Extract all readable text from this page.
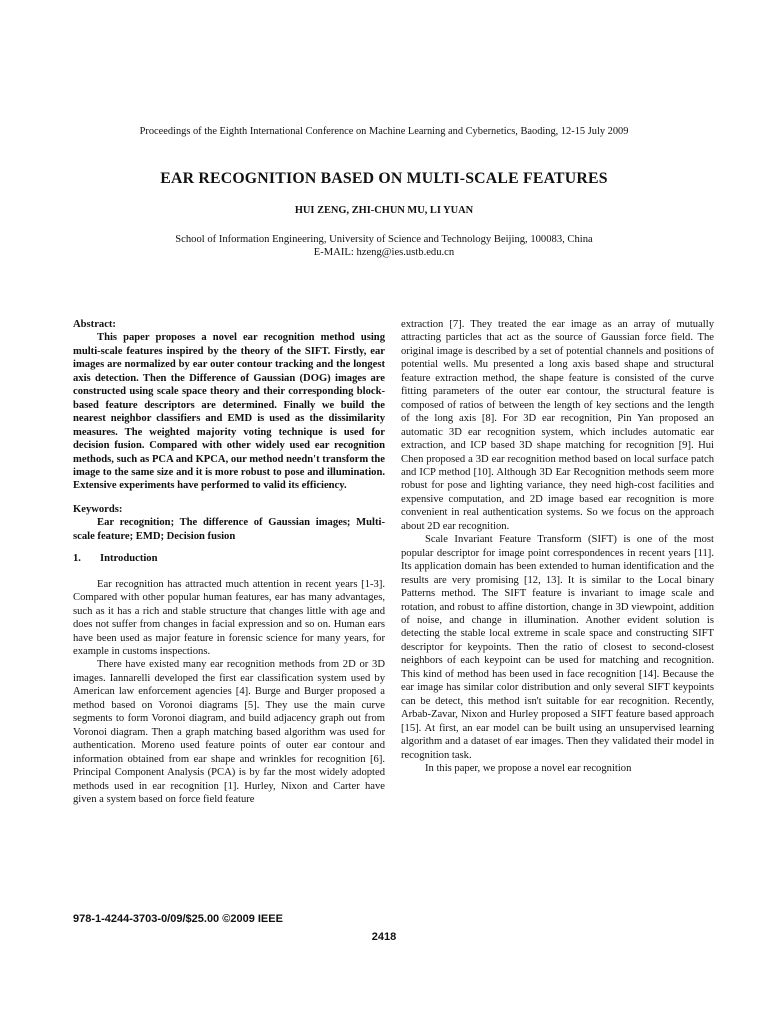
Proceedings of the Eighth International Conference on Machine Learning and Cybernetics, Baoding, 12-15 July 2009
EAR RECOGNITION BASED ON MULTI-SCALE FEATURES
HUI ZENG, ZHI-CHUN MU, LI YUAN
School of Information Engineering, University of Science and Technology Beijing, 100083, China
E-MAIL: hzeng@ies.ustb.edu.cn

Abstract:

This paper proposes a novel ear recognition method using multi-scale features inspired by the theory of the SIFT. Firstly, ear images are normalized by ear outer contour tracking and the longest axis detection. Then the Difference of Gaussian (DOG) images are constructed using scale space theory and their corresponding block-based feature descriptors are determined. Finally we build the nearest neighbor classifiers and EMD is used as the dissimilarity measures. The weighted majority voting technique is used for decision fusion. Compared with other widely used ear recognition methods, such as PCA and KPCA, our method needn't transform the image to the same size and it is more robust to pose and illumination. Extensive experiments have performed to valid its efficiency.

Keywords:

Ear recognition; The difference of Gaussian images; Multi-scale feature; EMD; Decision fusion

1. Introduction

Ear recognition has attracted much attention in recent years [1-3]. Compared with other popular human features, ear has many advantages, such as it has a rich and stable structure that changes little with age and does not suffer from changes in facial expression and so on. Human ears have been used as major feature in forensic science for many years, for example in customs inspections.

There have existed many ear recognition methods from 2D or 3D images. Iannarelli developed the first ear classification system used by American law enforcement agencies [4]. Burge and Burger proposed a method based on Voronoi diagrams [5]. They use the main curve segments to form Voronoi diagram, and build adjacency graph out from Voronoi diagram. Then a graph matching based algorithm was used for authentication. Moreno used feature points of outer ear contour and information obtained from ear shape and wrinkles for recognition [6]. Principal Component Analysis (PCA) is by far the most widely adopted methods used in ear recognition [1]. Hurley, Nixon and Carter have given a system based on force field feature

extraction [7]. They treated the ear image as an array of mutually attracting particles that act as the source of Gaussian force field. The original image is described by a set of potential channels and positions of potential wells. Mu presented a long axis based shape and structural feature extraction method, the shape feature is consisted of the curve fitting parameters of the outer ear contour, the structural feature is composed of ratios of between the length of key sections and the length of the long axis [8]. For 3D ear recognition, Pin Yan proposed an automatic 3D ear recognition system, which includes automatic ear extraction, and ICP based 3D shape matching for recognition [9]. Hui Chen proposed a 3D ear recognition method based on local surface patch and ICP method [10]. Although 3D Ear Recognition methods seem more robust for pose and lighting variance, they need high-cost facilities and expensive computation, and 2D image based ear recognition is more convenient in real authentication systems. So we focus on the approach about 2D ear recognition.

Scale Invariant Feature Transform (SIFT) is one of the most popular descriptor for image point correspondences in recent years [11]. Its application domain has been extended to human identification and the results are very promising [12, 13]. It is similar to the Local binary Patterns method. The SIFT feature is invariant to image scale and rotation, and robust to affine distortion, change in 3D viewpoint, addition of noise, and change in illumination. Another evident solution is detecting the stable local extreme in scale space and constructing SIFT descriptor for keypoints. Then the ratio of closest to second-closest neighbors of each keypoint can be used for matching and recognition. This kind of method has been used in face recognition [14]. Because the ear image has similar color distribution and only several SIFT keypoints can be detect, this method isn't suitable for ear recognition. Recently, Arbab-Zavar, Nixon and Hurley proposed a SIFT feature based approach [15]. At first, an ear model can be built using an unsupervised learning algorithm and a dataset of ear images. Then they validated their model in recognition task.

In this paper, we propose a novel ear recognition

978-1-4244-3703-0/09/$25.00 ©2009 IEEE
2418
